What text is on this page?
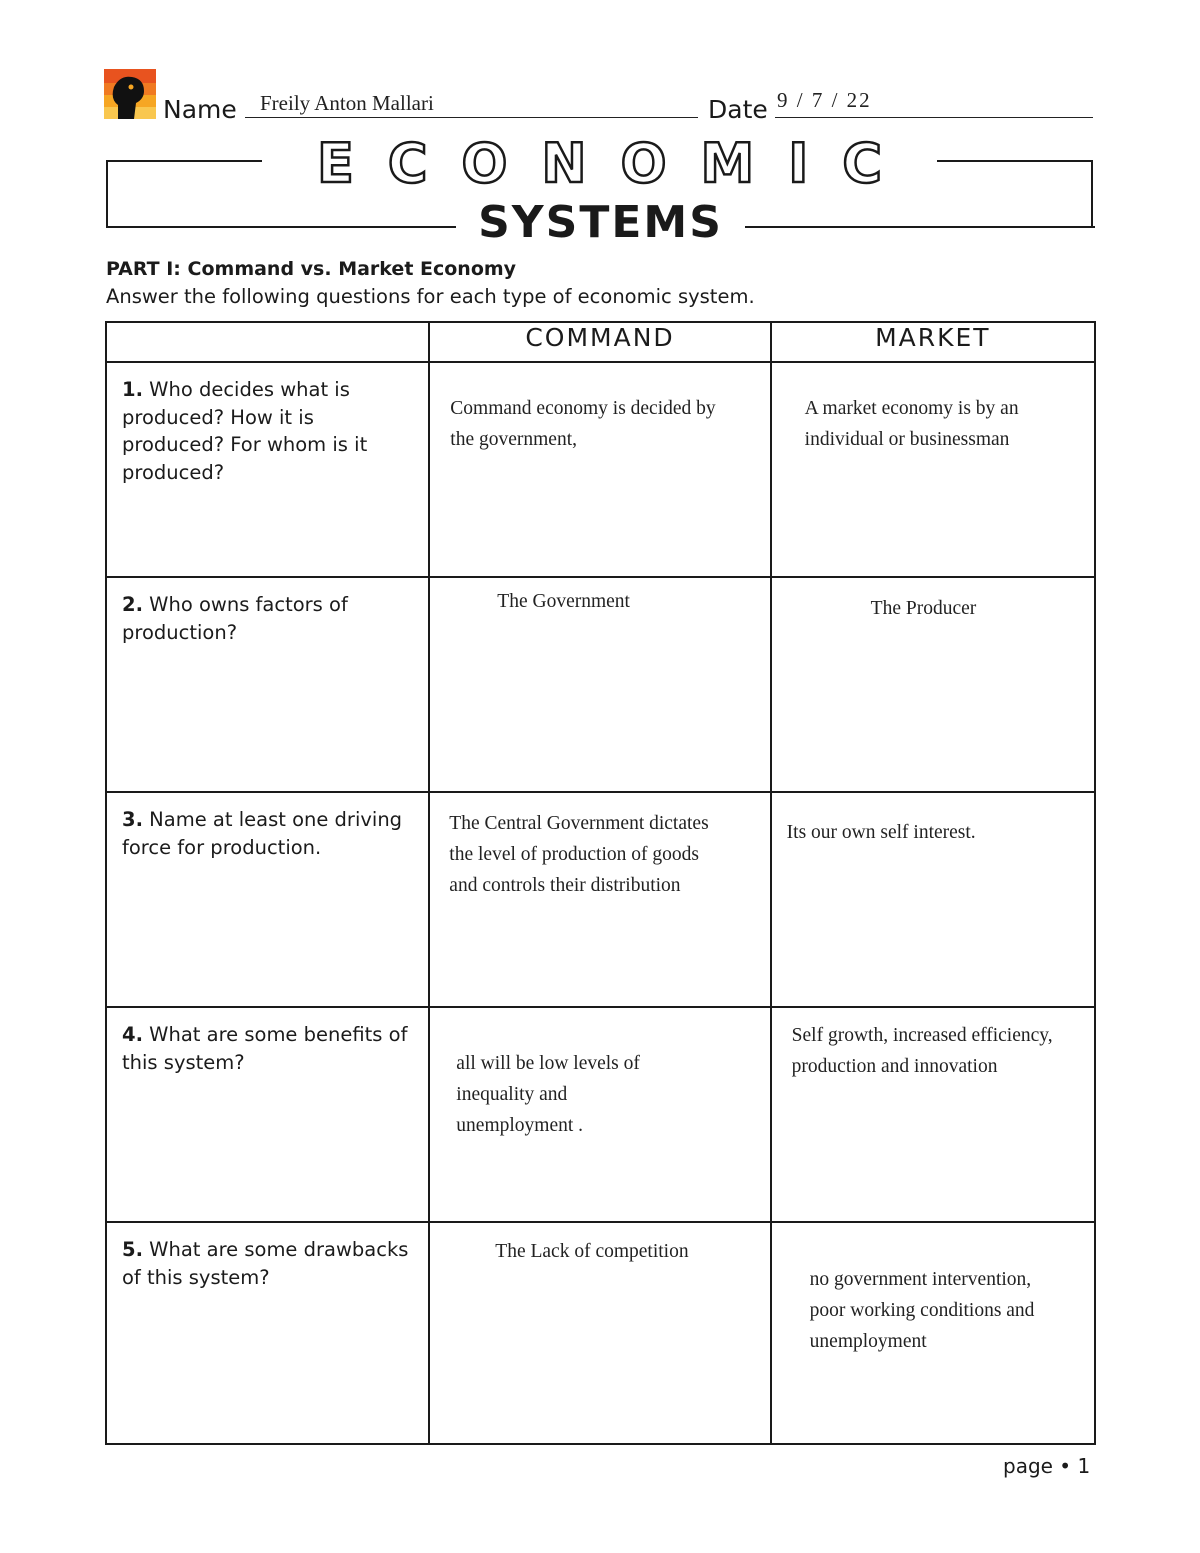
Name Freily Anton Mallari	Date 9 / 7 / 22
ECONOMIC
SYSTEMS
PART I: Command vs. Market Economy
Answer the following questions for each type of economic system.
	COMMAND	MARKET

1. Who decides what is produced? How it is produced? For whom is it produced?	Command economy is decided by the government,	A market economy is by an individual or businessman

2. Who owns factors of production?	The Government	The Producer

3. Name at least one driving force for production.	The Central Government dictates the level of production of goods and controls their distribution	Its our own self interest.

4. What are some benefits of this system?	all will be low levels of inequality and unemployment .	Self growth, increased efficiency, production and innovation

5. What are some drawbacks of this system?	The Lack of competition	no government intervention, poor working conditions and unemployment
page • 1
